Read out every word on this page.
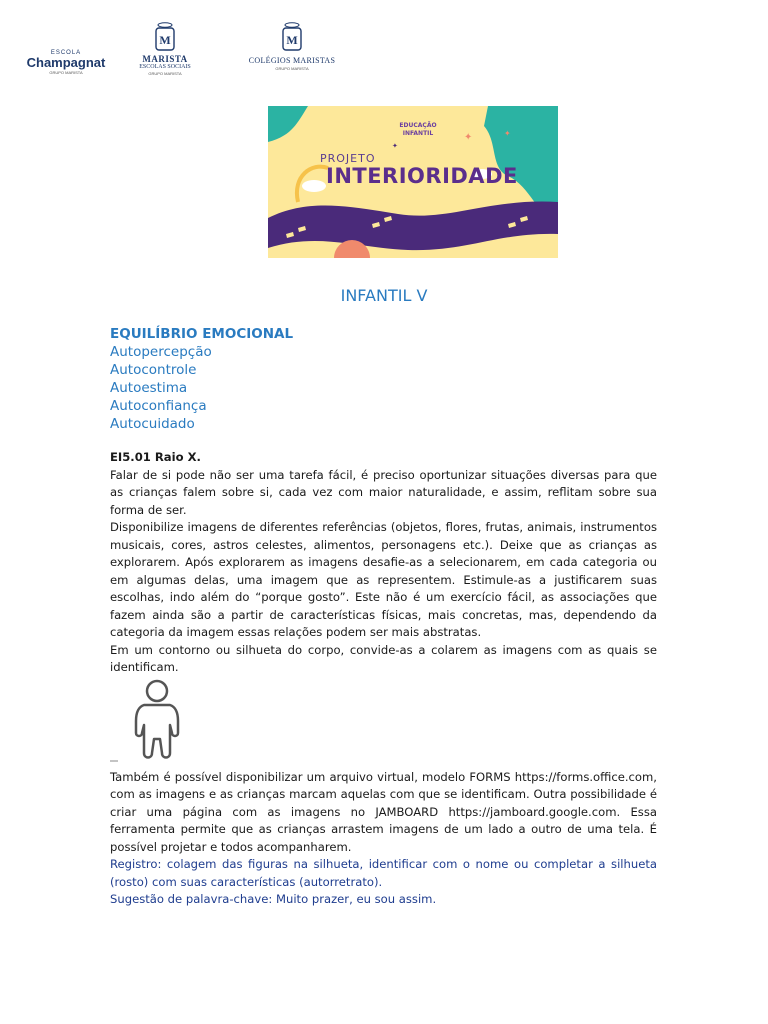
ESCOLA
Champagnat
GRUPO MARISTA
M
MARISTA
ESCOLAS SOCIAIS
GRUPO MARISTA
M
COLÉGIOS MARISTAS
GRUPO MARISTA
✦	✦
✦
EDUCAÇÃO INFANTIL
PROJETO
INTERIORIDADE
INFANTIL V
EQUILÍBRIO EMOCIONAL
Autopercepção
Autocontrole
Autoestima
Autoconfiança
Autocuidado

EI5.01 Raio X.

Falar de si pode não ser uma tarefa fácil, é preciso oportunizar situações diversas para que as crianças falem sobre si, cada vez com maior naturalidade, e assim, reflitam sobre sua forma de ser.

Disponibilize imagens de diferentes referências (objetos, flores, frutas, animais, instrumentos musicais, cores, astros celestes, alimentos, personagens etc.). Deixe que as crianças as explorarem. Após explorarem as imagens desafie-as a selecionarem, em cada categoria ou em algumas delas, uma imagem que as representem. Estimule-as a justificarem suas escolhas, indo além do “porque gosto”. Este não é um exercício fácil, as associações que fazem ainda são a partir de características físicas, mais concretas, mas, dependendo da categoria da imagem essas relações podem ser mais abstratas.

Em um contorno ou silhueta do corpo, convide-as a colarem as imagens com as quais se identificam.

Também é possível disponibilizar um arquivo virtual, modelo FORMS https://forms.office.com, com as imagens e as crianças marcam aquelas com que se identificam. Outra possibilidade é criar uma página com as imagens no JAMBOARD https://jamboard.google.com. Essa ferramenta permite que as crianças arrastem imagens de um lado a outro de uma tela. É possível projetar e todos acompanharem.

Registro: colagem das figuras na silhueta, identificar com o nome ou completar a silhueta (rosto) com suas características (autorretrato).

Sugestão de palavra-chave: Muito prazer, eu sou assim.
